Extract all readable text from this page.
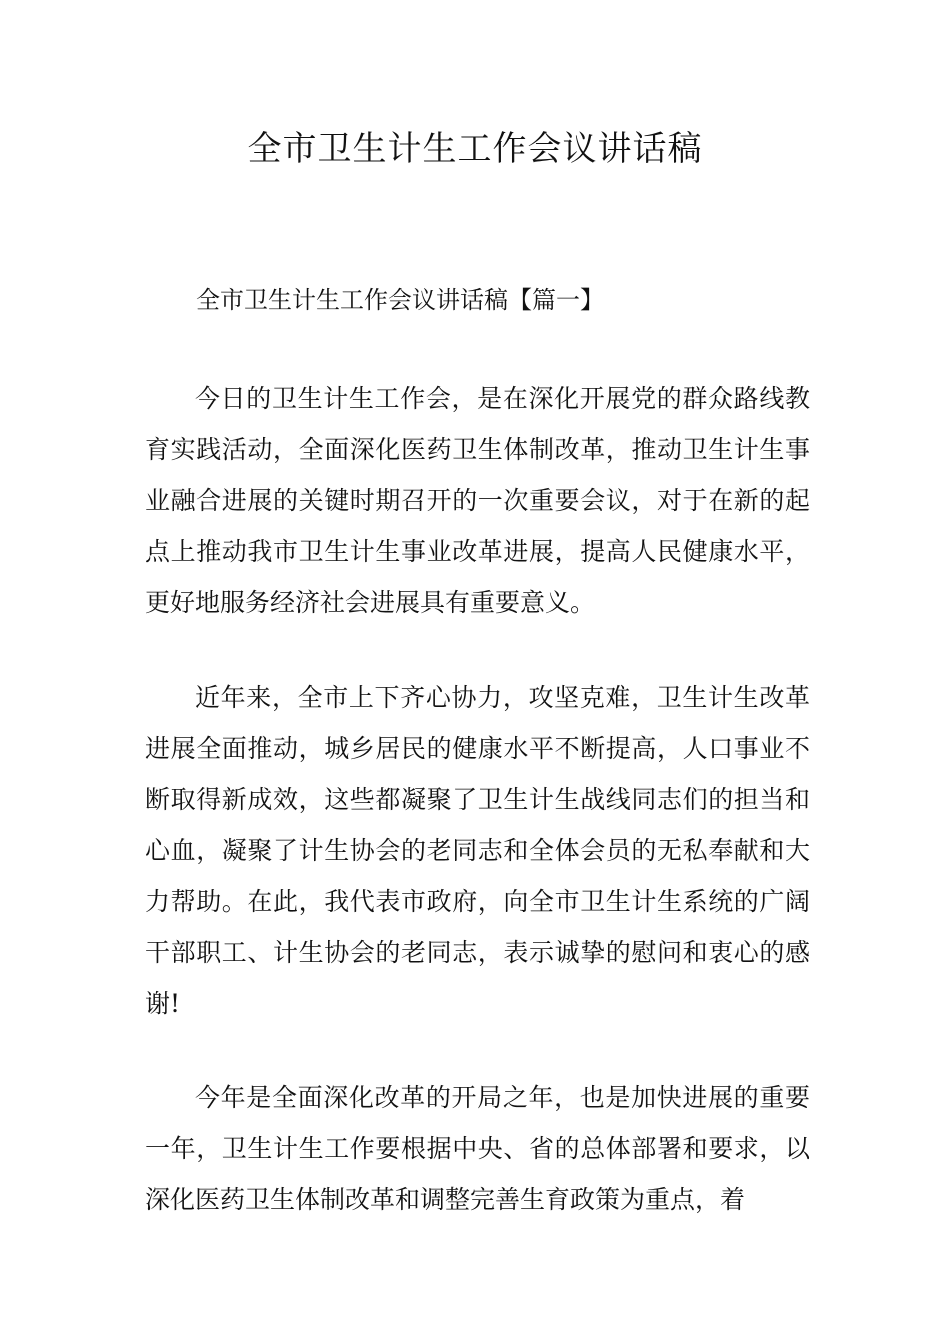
全市卫生计生工作会议讲话稿

全市卫生计生工作会议讲话稿【篇一】

今日的卫生计生工作会，是在深化开展党的群众路线教育实践活动，全面深化医药卫生体制改革，推动卫生计生事业融合进展的关键时期召开的一次重要会议，对于在新的起点上推动我市卫生计生事业改革进展，提高人民健康水平，更好地服务经济社会进展具有重要意义。

近年来，全市上下齐心协力，攻坚克难，卫生计生改革进展全面推动，城乡居民的健康水平不断提高，人口事业不断取得新成效，这些都凝聚了卫生计生战线同志们的担当和心血，凝聚了计生协会的老同志和全体会员的无私奉献和大力帮助。在此，我代表市政府，向全市卫生计生系统的广阔干部职工、计生协会的老同志，表示诚挚的慰问和衷心的感谢!

今年是全面深化改革的开局之年，也是加快进展的重要一年，卫生计生工作要根据中央、省的总体部署和要求，以深化医药卫生体制改革和调整完善生育政策为重点，着
